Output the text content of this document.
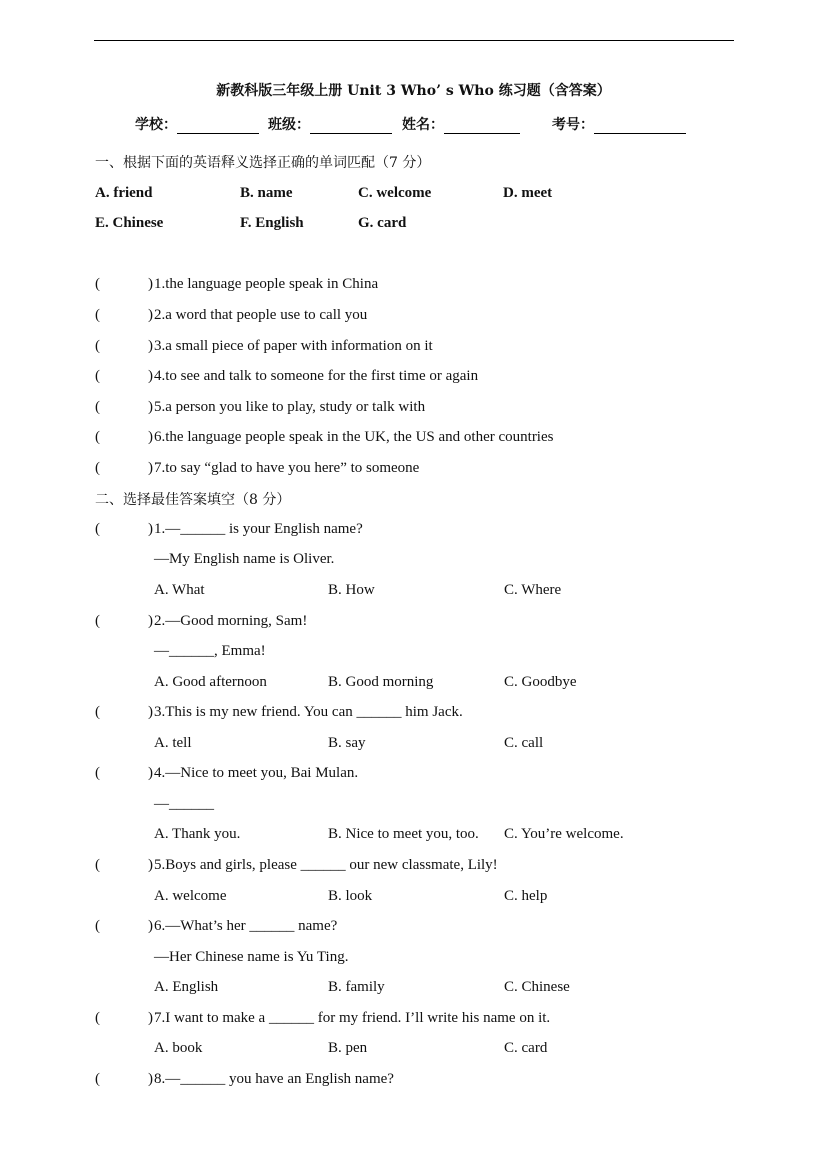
新教科版三年级上册 Unit 3 Who’ s Who 练习题（含答案）
学校：	班级：	姓名：	考号：
一、根据下面的英语释义选择正确的单词匹配（7 分）
A. friend	B. name	C. welcome	D. meet
E. Chinese	F. English	G. card
(	) 1.the language people speak in China
(	) 2.a word that people use to call you
(	) 3.a small piece of paper with information on it
(	) 4.to see and talk to someone for the first time or again
(	) 5.a person you like to play, study or talk with
(	) 6.the language people speak in the UK, the US and other countries
(	) 7.to say “glad to have you here” to someone
二、选择最佳答案填空（8 分）
(	) 1.—______ is your English name?
—My English name is Oliver.
A. What	B. How	C. Where
(	) 2.—Good morning, Sam!
—______, Emma!
A. Good afternoon	B. Good morning	C. Goodbye
(	) 3.This is my new friend. You can ______ him Jack.
A. tell	B. say	C. call
(	) 4.—Nice to meet you, Bai Mulan.
—______
A. Thank you.	B. Nice to meet you, too. C. You’re welcome.
(	) 5.Boys and girls, please ______ our new classmate, Lily!
A. welcome	B. look	C. help
(	) 6.—What’s her ______ name?
—Her Chinese name is Yu Ting.
A. English	B. family	C. Chinese
(	) 7.I want to make a ______ for my friend. I’ll write his name on it.
A. book	B. pen	C. card
(	) 8.—______ you have an English name?
